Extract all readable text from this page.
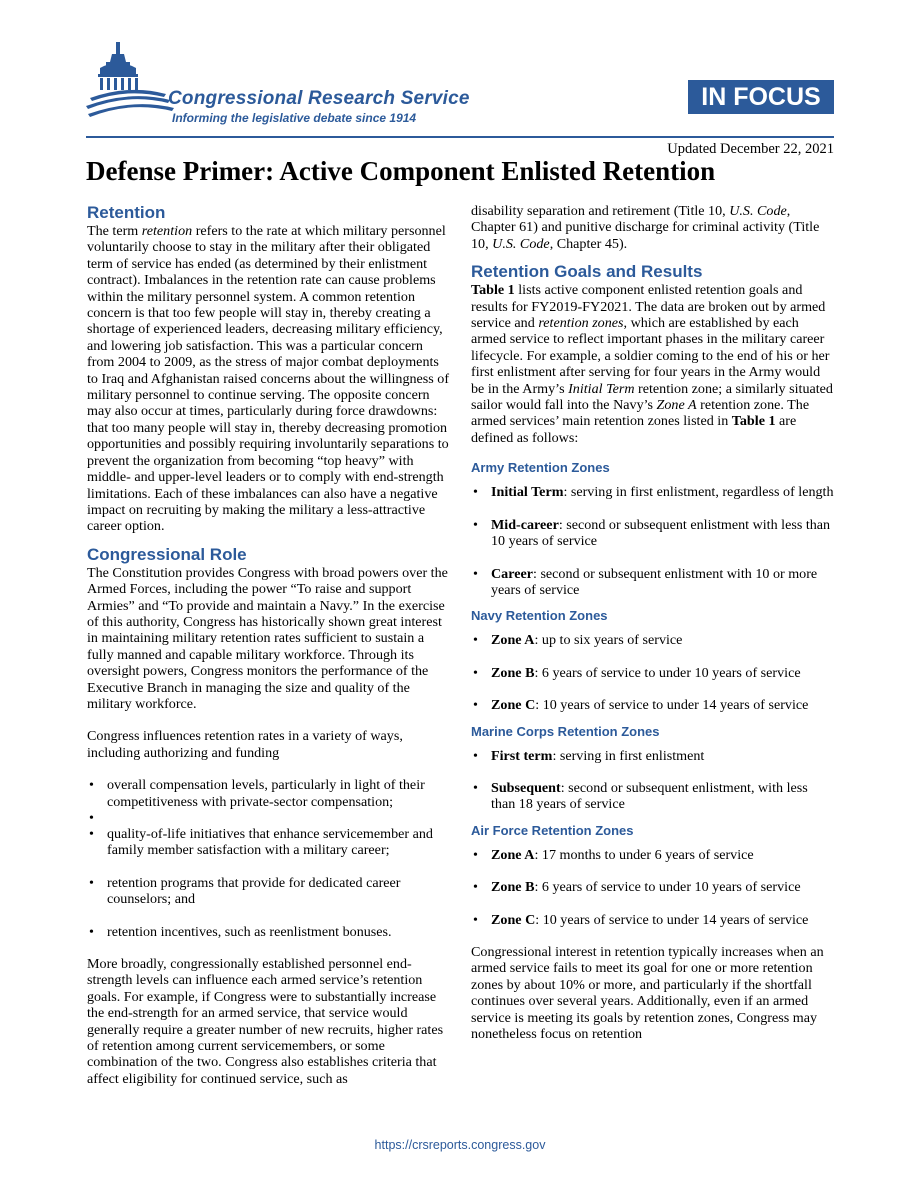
Congressional Research Service
Informing the legislative debate since 1914
IN FOCUS
Updated December 22, 2021
Defense Primer: Active Component Enlisted Retention
Retention

The term retention refers to the rate at which military personnel voluntarily choose to stay in the military after their obligated term of service has ended (as determined by their enlistment contract). Imbalances in the retention rate can cause problems within the military personnel system. A common retention concern is that too few people will stay in, thereby creating a shortage of experienced leaders, decreasing military efficiency, and lowering job satisfaction. This was a particular concern from 2004 to 2009, as the stress of major combat deployments to Iraq and Afghanistan raised concerns about the willingness of military personnel to continue serving. The opposite concern may also occur at times, particularly during force drawdowns: that too many people will stay in, thereby decreasing promotion opportunities and possibly requiring involuntarily separations to prevent the organization from becoming “top heavy” with middle- and upper-level leaders or to comply with end-strength limitations. Each of these imbalances can also have a negative impact on recruiting by making the military a less-attractive career option.

Congressional Role

The Constitution provides Congress with broad powers over the Armed Forces, including the power “To raise and support Armies” and “To provide and maintain a Navy.” In the exercise of this authority, Congress has historically shown great interest in maintaining military retention rates sufficient to sustain a fully manned and capable military workforce. Through its oversight powers, Congress monitors the performance of the Executive Branch in managing the size and quality of the military workforce.

Congress influences retention rates in a variety of ways, including authorizing and funding

• overall compensation levels, particularly in light of their competitiveness with private-sector compensation;
•
• quality-of-life initiatives that enhance servicemember and family member satisfaction with a military career;
• retention programs that provide for dedicated career counselors; and
• retention incentives, such as reenlistment bonuses.

More broadly, congressionally established personnel end-strength levels can influence each armed service’s retention goals. For example, if Congress were to substantially increase the end-strength for an armed service, that service would generally require a greater number of new recruits, higher rates of retention among current servicemembers, or some combination of the two. Congress also establishes criteria that affect eligibility for continued service, such as

disability separation and retirement (Title 10, U.S. Code, Chapter 61) and punitive discharge for criminal activity (Title 10, U.S. Code, Chapter 45).

Retention Goals and Results

Table 1 lists active component enlisted retention goals and results for FY2019-FY2021. The data are broken out by armed service and retention zones, which are established by each armed service to reflect important phases in the military career lifecycle. For example, a soldier coming to the end of his or her first enlistment after serving for four years in the Army would be in the Army’s Initial Term retention zone; a similarly situated sailor would fall into the Navy’s Zone A retention zone. The armed services’ main retention zones listed in Table 1 are defined as follows:

Army Retention Zones
• Initial Term: serving in first enlistment, regardless of length
• Mid-career: second or subsequent enlistment with less than 10 years of service
• Career: second or subsequent enlistment with 10 or more years of service
Navy Retention Zones
• Zone A: up to six years of service
• Zone B: 6 years of service to under 10 years of service
• Zone C: 10 years of service to under 14 years of service
Marine Corps Retention Zones
• First term: serving in first enlistment
• Subsequent: second or subsequent enlistment, with less than 18 years of service
Air Force Retention Zones
• Zone A: 17 months to under 6 years of service
• Zone B: 6 years of service to under 10 years of service
• Zone C: 10 years of service to under 14 years of service

Congressional interest in retention typically increases when an armed service fails to meet its goal for one or more retention zones by about 10% or more, and particularly if the shortfall continues over several years. Additionally, even if an armed service is meeting its goals by retention zones, Congress may nonetheless focus on retention

https://crsreports.congress.gov
